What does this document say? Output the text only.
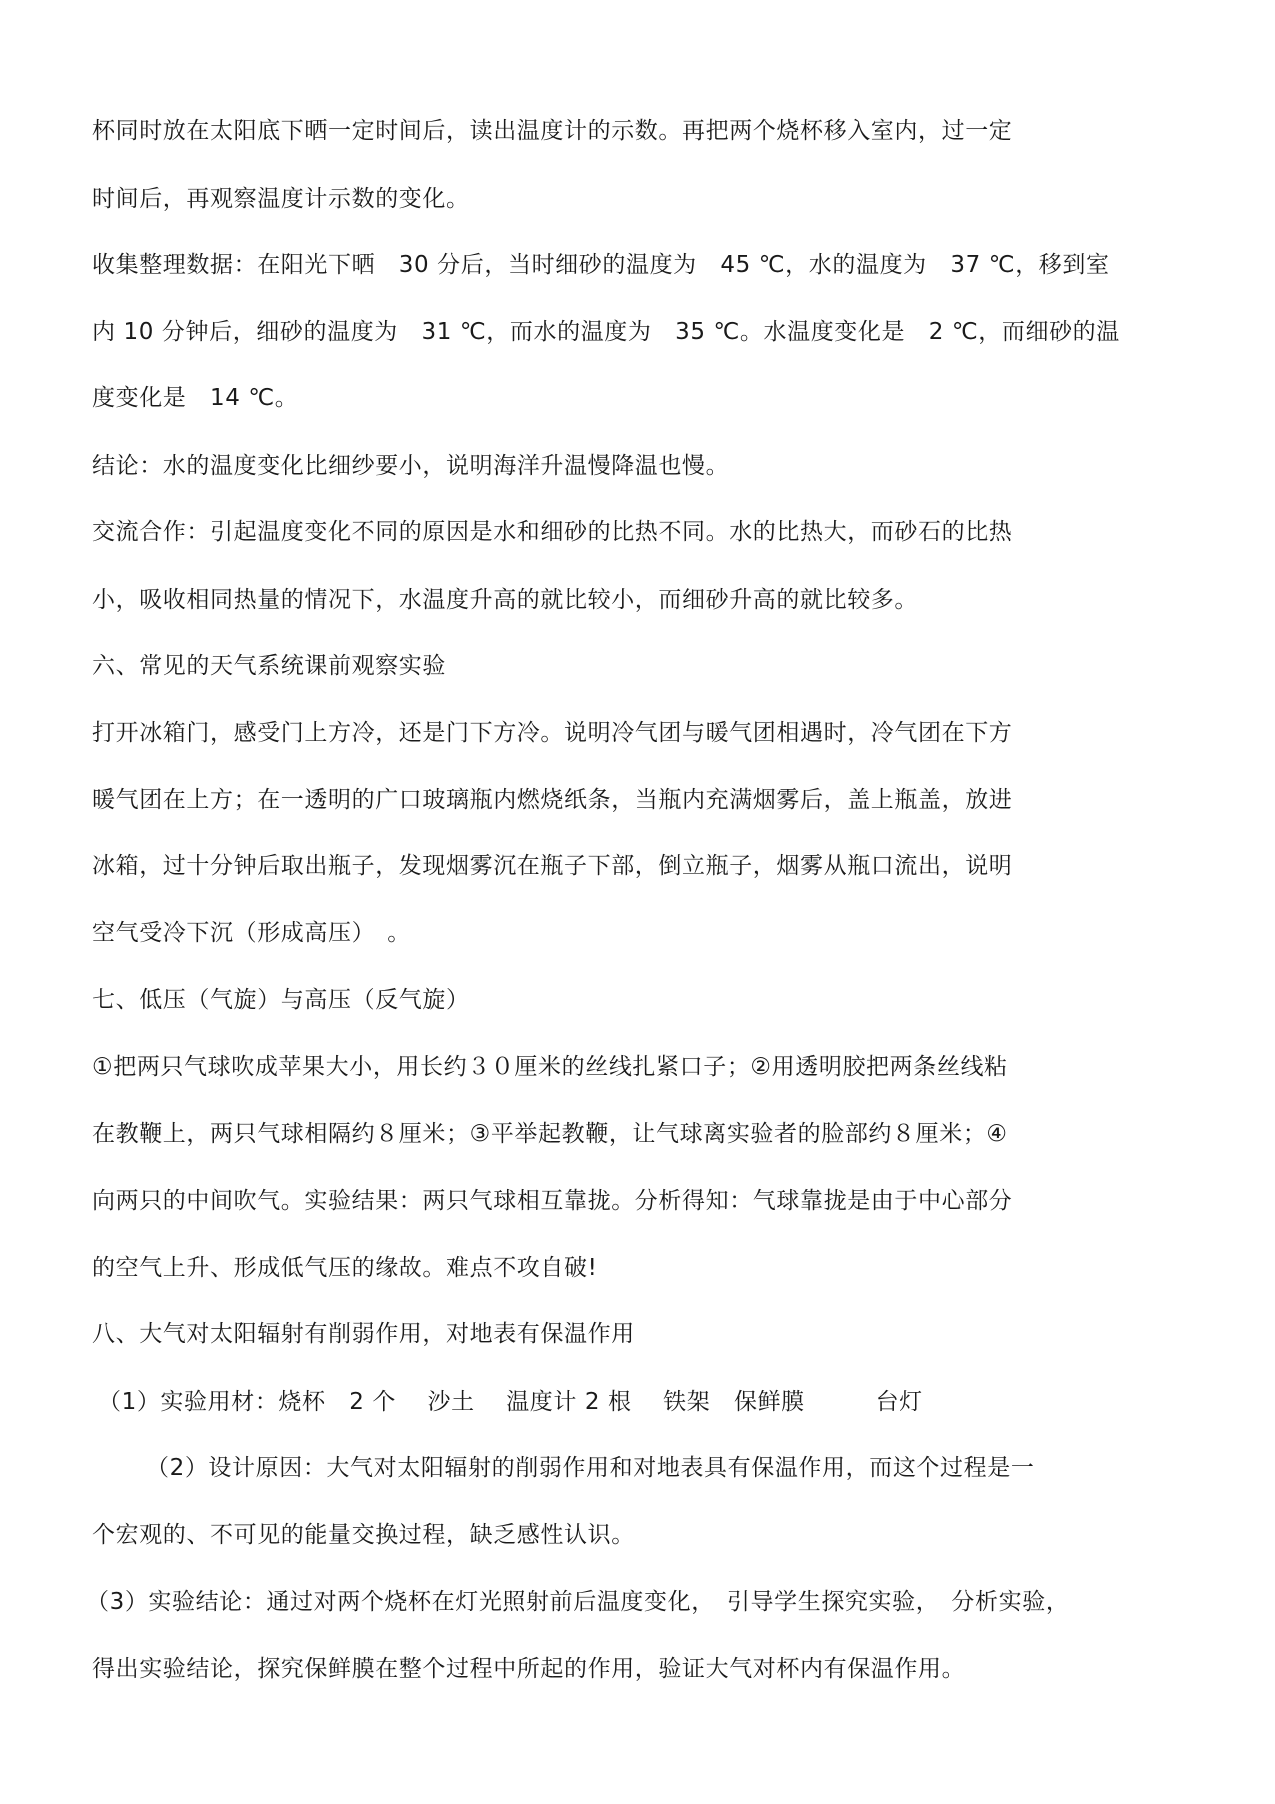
杯同时放在太阳底下晒一定时间后，读出温度计的示数。再把两个烧杯移入室内，过一定
时间后，再观察温度计示数的变化。
收集整理数据：在阳光下晒　30 分后，当时细砂的温度为　45 ℃，水的温度为　37 ℃，移到室
内 10 分钟后，细砂的温度为　31 ℃，而水的温度为　35 ℃。水温度变化是　2 ℃，而细砂的温
度变化是　14 ℃。
结论：水的温度变化比细纱要小，说明海洋升温慢降温也慢。
交流合作：引起温度变化不同的原因是水和细砂的比热不同。水的比热大，而砂石的比热
小，吸收相同热量的情况下，水温度升高的就比较小，而细砂升高的就比较多。
六、常见的天气系统课前观察实验
打开冰箱门，感受门上方冷，还是门下方冷。说明冷气团与暖气团相遇时，冷气团在下方
暖气团在上方；在一透明的广口玻璃瓶内燃烧纸条，当瓶内充满烟雾后，盖上瓶盖，放进
冰箱，过十分钟后取出瓶子，发现烟雾沉在瓶子下部，倒立瓶子，烟雾从瓶口流出，说明
空气受冷下沉（形成高压）　。
七、低压（气旋）与高压（反气旋）
①把两只气球吹成苹果大小，用长约３０厘米的丝线扎紧口子；②用透明胶把两条丝线粘
在教鞭上，两只气球相隔约８厘米；③平举起教鞭，让气球离实验者的脸部约８厘米；④
向两只的中间吹气。实验结果：两只气球相互靠拢。分析得知：气球靠拢是由于中心部分
的空气上升、形成低气压的缘故。难点不攻自破!
八、大气对太阳辐射有削弱作用，对地表有保温作用
（1）实验用材：烧杯　2 个　 沙土　 温度计 2 根　 铁架　保鲜膜　　　台灯
（2）设计原因：大气对太阳辐射的削弱作用和对地表具有保温作用，而这个过程是一
个宏观的、不可见的能量交换过程，缺乏感性认识。
（3）实验结论：通过对两个烧杯在灯光照射前后温度变化，　引导学生探究实验，　分析实验，
得出实验结论，探究保鲜膜在整个过程中所起的作用，验证大气对杯内有保温作用。
